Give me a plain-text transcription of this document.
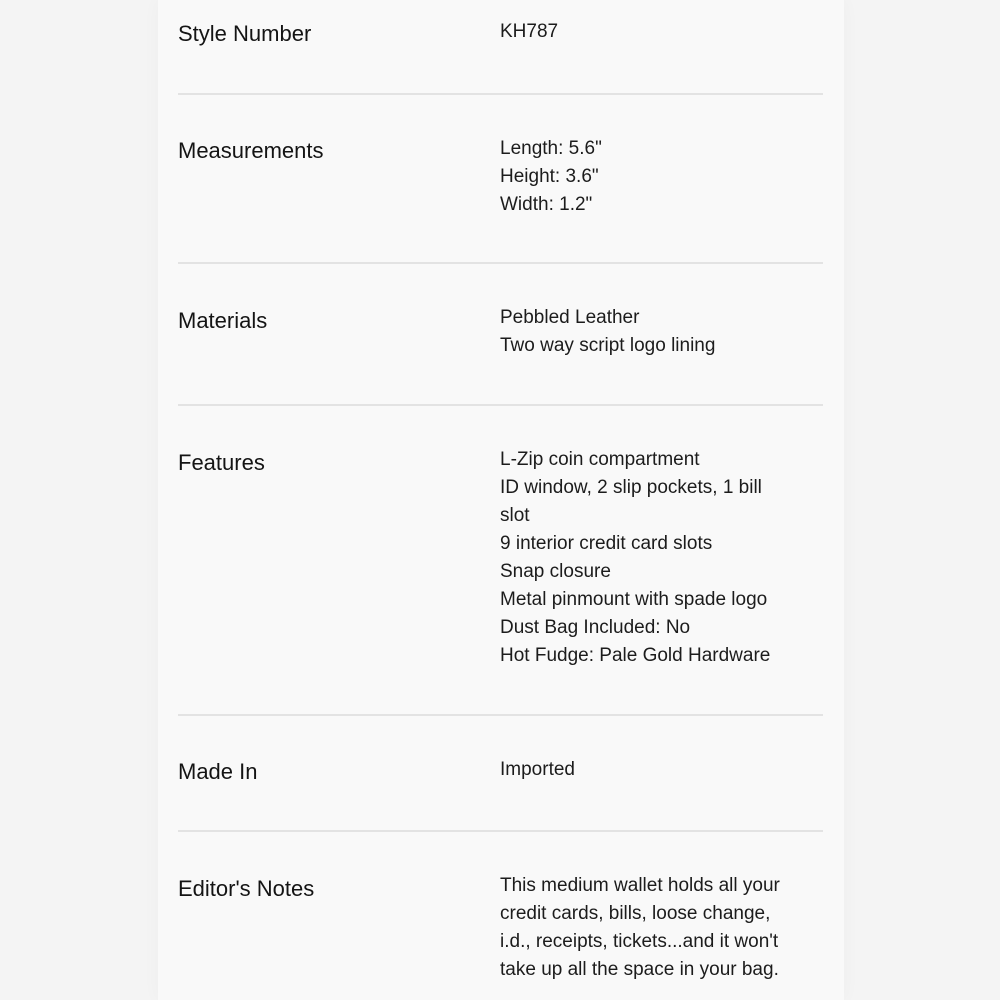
Style Number	KH787
Measurements	Length: 5.6"
Height: 3.6"
Width: 1.2"
Materials	Pebbled Leather
Two way script logo lining
Features	L-Zip coin compartment
ID window, 2 slip pockets, 1 bill
slot
9 interior credit card slots
Snap closure
Metal pinmount with spade logo
Dust Bag Included: No
Hot Fudge: Pale Gold Hardware
Made In	Imported
Editor's Notes	This medium wallet holds all your
credit cards, bills, loose change,
i.d., receipts, tickets...and it won't
take up all the space in your bag.
